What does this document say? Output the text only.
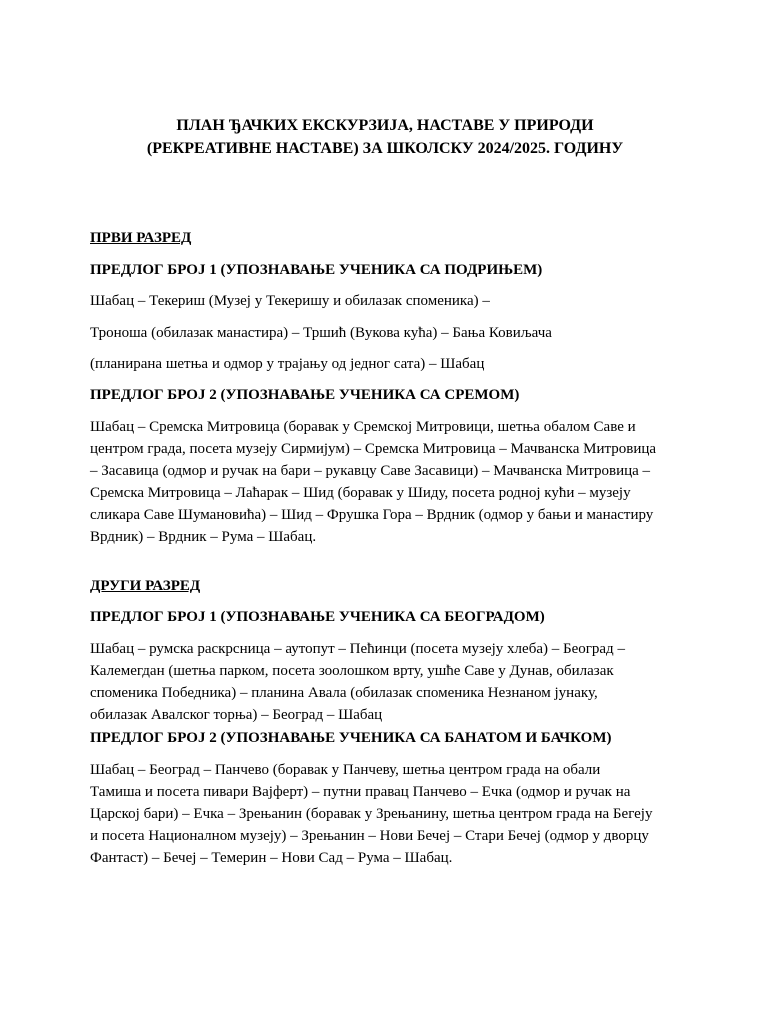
ПЛАН ЂАЧКИХ ЕКСКУРЗИЈА, НАСТАВЕ У ПРИРОДИ
(РЕКРЕАТИВНЕ НАСТАВЕ) ЗА ШКОЛСКУ 2024/2025. ГОДИНУ
ПРВИ РАЗРЕД
ПРЕДЛОГ БРОЈ 1 (УПОЗНАВАЊЕ УЧЕНИКА СА ПОДРИЊЕМ)
Шабац – Текериш (Музеј у Текеришу и обилазак споменика) –
Троноша (обилазак манастира) – Тршић (Вукова кућа) – Бања Ковиљача
(планирана шетња и одмор у трајању од једног сата) – Шабац
ПРЕДЛОГ БРОЈ 2 (УПОЗНАВАЊЕ УЧЕНИКА СА СРЕМОМ)
Шабац – Сремска Митровица (боравак у Сремској Митровици, шетња обалом Саве и
центром града, посета музеју Сирмијум) – Сремска Митровица – Мачванска Митровица
– Засавица (одмор и ручак на бари – рукавцу Саве Засавици) – Мачванска Митровица –
Сремска Митровица – Лаћарак – Шид (боравак у Шиду, посета родној кући – музеју
сликара Саве Шумановића) – Шид – Фрушка Гора – Врдник (одмор у бањи и манастиру
Врдник) – Врдник – Рума – Шабац.
ДРУГИ РАЗРЕД
ПРЕДЛОГ БРОЈ 1 (УПОЗНАВАЊЕ УЧЕНИКА СА БЕОГРАДОМ)
Шабац – румска раскрсница – аутопут – Пећинци (посета музеју хлеба) – Београд –
Калемегдан (шетња парком, посета зоолошком врту, ушће Саве у Дунав, обилазак
споменика Победника) – планина Авала (обилазак споменика Незнаном јунаку,
обилазак Авалског торња) – Београд – Шабац
ПРЕДЛОГ БРОЈ 2 (УПОЗНАВАЊЕ УЧЕНИКА СА БАНАТОМ И БАЧКОМ)
Шабац – Београд – Панчево (боравак у Панчеву, шетња центром града на обали
Тамиша и посета пивари Вајферт) – путни правац Панчево – Ечка (одмор и ручак на
Царској бари) – Ечка – Зрењанин (боравак у Зрењанину, шетња центром града на Бегеју
и посета Националном музеју) – Зрењанин – Нови Бечеј – Стари Бечеј (одмор у дворцу
Фантаст) – Бечеј – Темерин – Нови Сад – Рума – Шабац.
